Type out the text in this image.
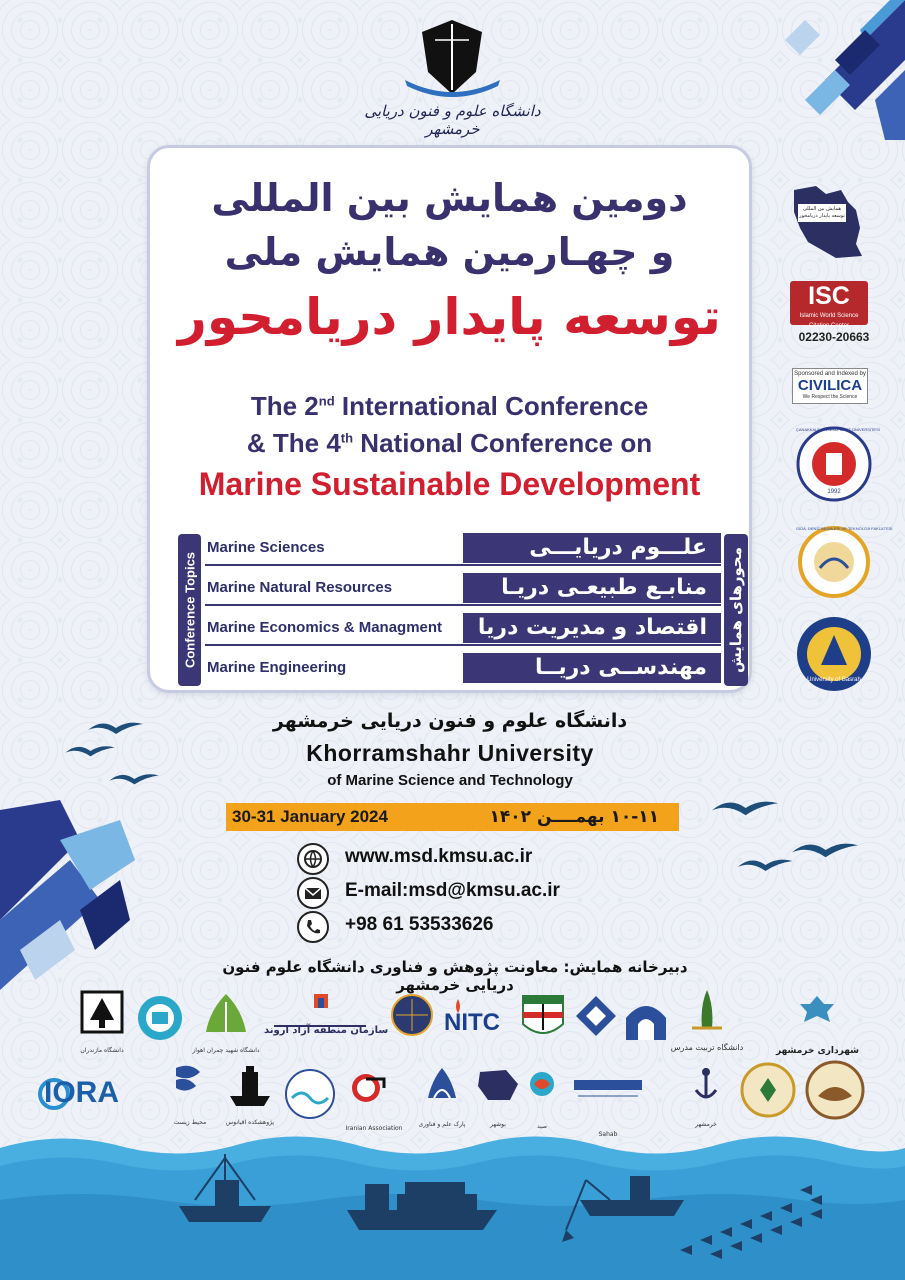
دانشگاه علوم و فنون دریایی خرمشهر
دومین همایش بین المللی
و چهـارمین همایش ملی
توسعه پایدار دریامحور
The 2nd International Conference
& The 4th National Conference on
Marine Sustainable Development
Conference Topics	محورهای همایش
Marine Sciences	علـــوم دریایـــی
Marine Natural Resources	منابـع طبیعـی دریـا
Marine Economics & Managment	اقتصاد و مدیریت دریا
Marine Engineering	مهندســی دریــا
همایش بین المللی
توسعه پایدار دریامحور
ISC
Islamic World Science Citation Center
02230-20663
Sponsored and Indexed by
CIVILICA
We Respect the Science
ÇANAKKALE ONSEKİZ MART ÜNİVERSİTESİ
1992
GİDA, DENİZ BİLİMLERİ VE TEKNOLOJİ FAKÜLTESİ
University of Basrah
دانشگاه علوم و فنون دریایی خرمشهر
Khorramshahr University
of Marine Science and Technology
30-31 January 2024	۱۰-۱۱ بهمــــن ۱۴۰۲
www.msd.kmsu.ac.ir
E-mail:msd@kmsu.ac.ir
+98 61 53533626
دبیرخانه همایش: معاونت پژوهش و فناوری دانشگاه علوم فنون دریایی خرمشهر
دانشگاه مازندران	دانشگاه شهید چمران اهواز
سازمان منطقه آزاد اروند NITC
دانشگاه تربیت مدرس	شهرداری خرمشهر
IORA
محیط زیست	پژوهشکده اقیانوس
Iranian Association
پارک علم و فناوری	بوشهر	صید
Sahab
خرمشهر
